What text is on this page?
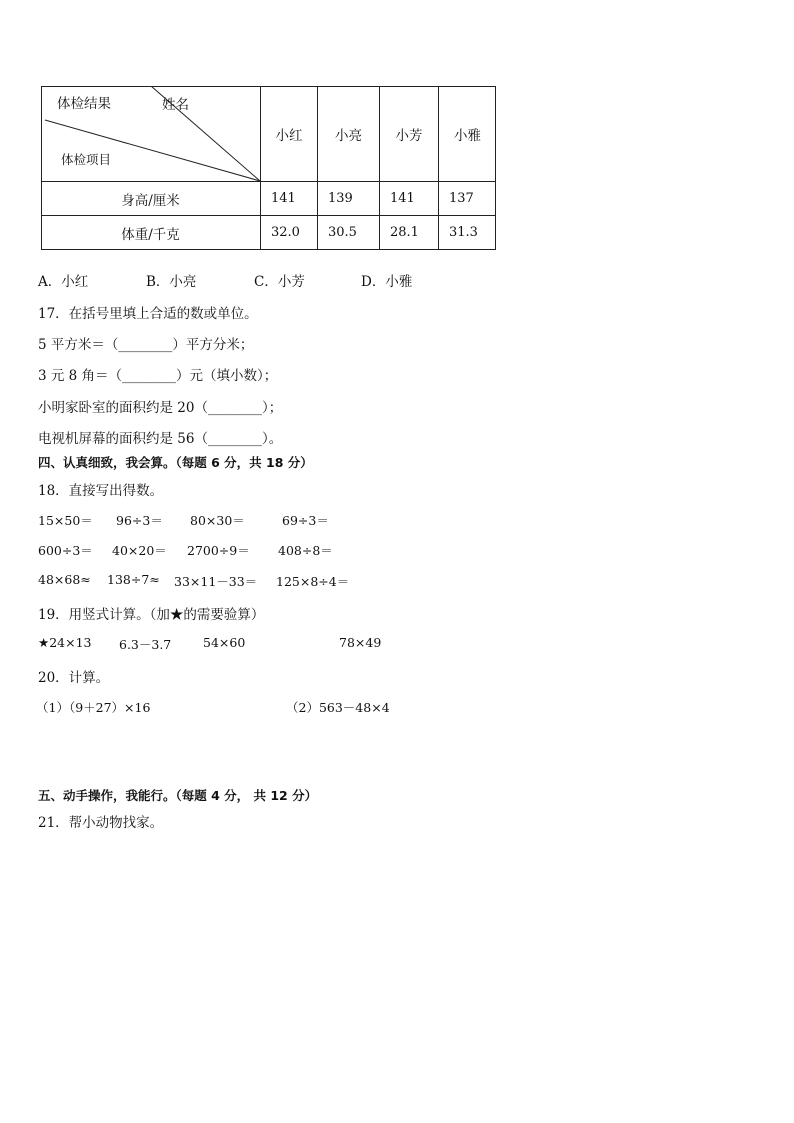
体检结果	姓名
体检项目
小红	小亮	小芳	小雅
身高/厘米	141	139	141	137
体重/千克	32.0	30.5	28.1	31.3
A．小红	B．小亮	C．小芳	D．小雅
17．在括号里填上合适的数或单位。
5 平方米＝（________）平方分米；
3 元 8 角＝（________）元（填小数）；
小明家卧室的面积约是 20（________）；
电视机屏幕的面积约是 56（________）。
四、认真细致，我会算。（每题 6 分，共 18 分）
18．直接写出得数。
15×50＝ 96÷3＝ 80×30＝	69÷3＝
600÷3＝ 40×20＝ 2700÷9＝ 408÷8＝
48×68≈ 138÷7≈ 33×11－33＝ 125×8÷4＝
19．用竖式计算。（加★的需要验算）
★24×13 6.3－3.7	54×60	78×49
20．计算。
（1）（9＋27）×16	（2）563－48×4
五、动手操作，我能行。（每题 4 分， 共 12 分）
21．帮小动物找家。
